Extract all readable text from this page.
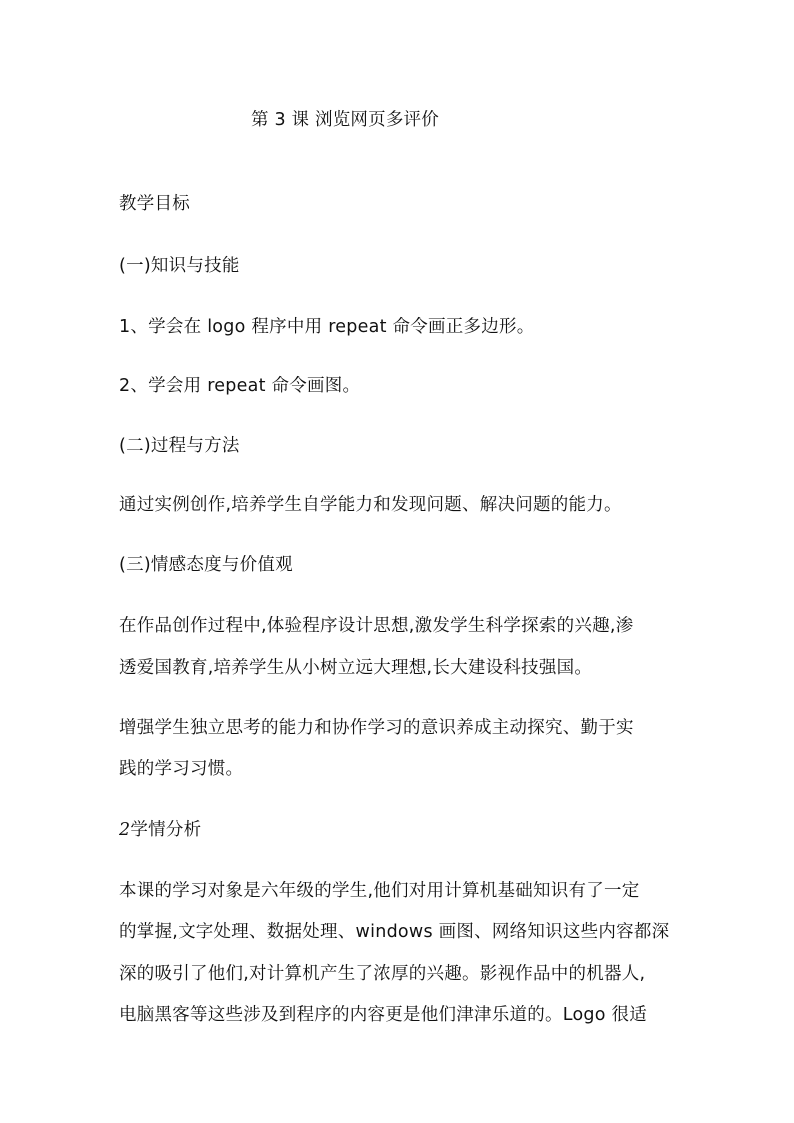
第 3 课 浏览网页多评价
教学目标
(一)知识与技能
1、学会在 logo 程序中用 repeat 命令画正多边形。
2、学会用 repeat 命令画图。
(二)过程与方法
通过实例创作,培养学生自学能力和发现问题、解决问题的能力。
(三)情感态度与价值观
在作品创作过程中,体验程序设计思想,激发学生科学探索的兴趣,渗
透爱国教育,培养学生从小树立远大理想,长大建设科技强国。
增强学生独立思考的能力和协作学习的意识养成主动探究、勤于实
践的学习习惯。
2学情分析
本课的学习对象是六年级的学生,他们对用计算机基础知识有了一定
的掌握,文字处理、数据处理、windows 画图、网络知识这些内容都深
深的吸引了他们,对计算机产生了浓厚的兴趣。影视作品中的机器人,
电脑黑客等这些涉及到程序的内容更是他们津津乐道的。Logo 很适
